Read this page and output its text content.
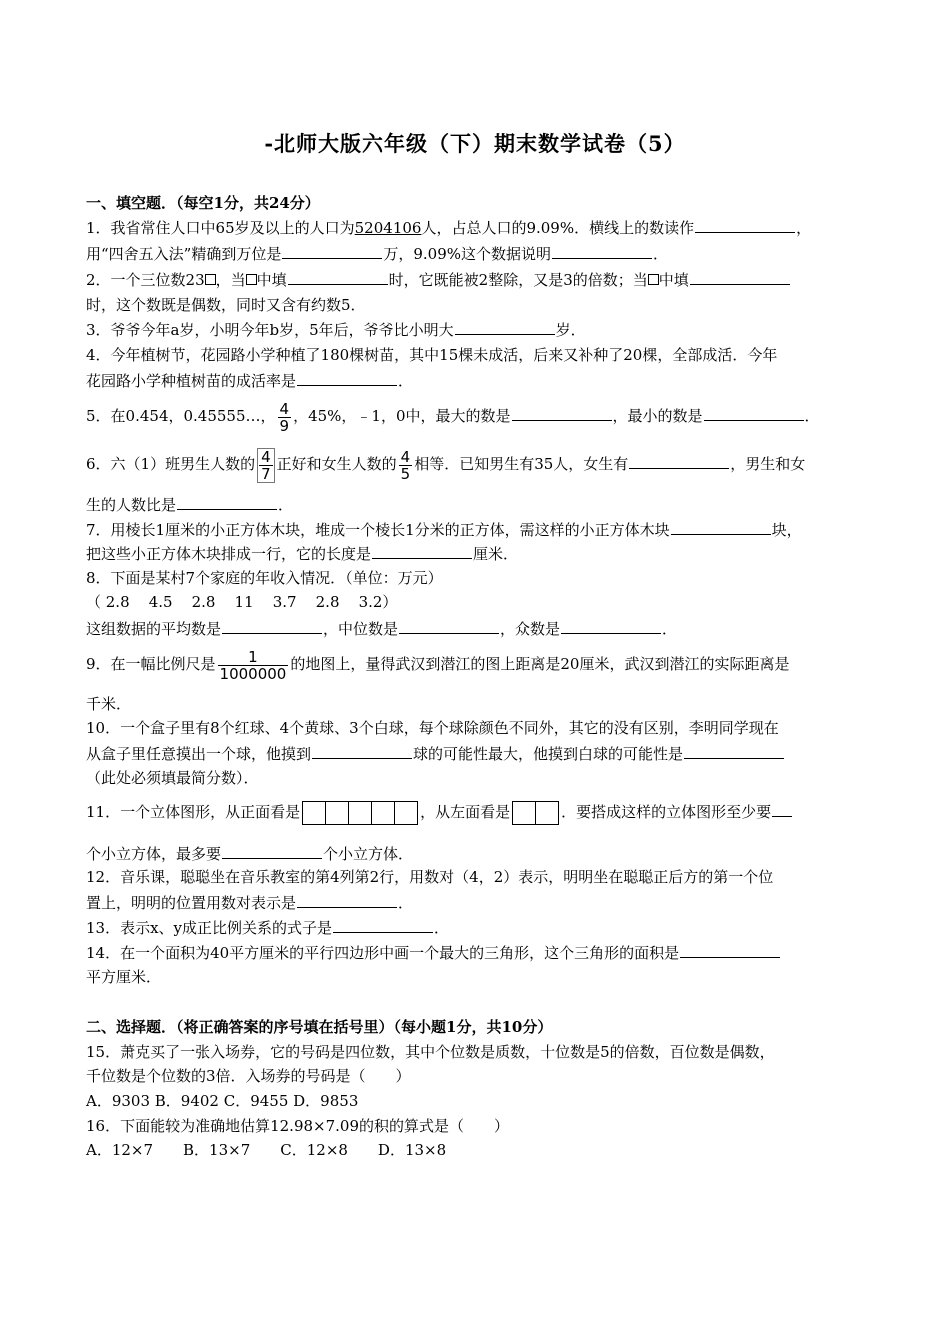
-北师大版六年级（下）期末数学试卷（5）
一、填空题．（每空1分，共24分）
1．我省常住人口中65岁及以上的人口为5204106人，占总人口的9.09%．横线上的数读作	，
用“四舍五入法”精确到万位是	万，9.09%这个数据说明	．
2．一个三位数23 ，当 中填	时，它既能被2整除，又是3的倍数；当 中填
时，这个数既是偶数，同时又含有约数5．
3．爷爷今年a岁，小明今年b岁，5年后，爷爷比小明大	岁．
4．今年植树节，花园路小学种植了180棵树苗，其中15棵未成活，后来又补种了20棵，全部成活．今年
花园路小学种植树苗的成活率是	．
5．在0.454，0.45555…， $\frac{4}{9}$ ，45%，﹣1，0中，最大的数是	，最小的数是	．
6．六（1）班男生人数的 $\frac{4}{7}$ 正好和女生人数的 $\frac{4}{5}$ 相等．已知男生有35人，女生有	，男生和女
生的人数比是	．
7．用棱长1厘米的小正方体木块，堆成一个棱长1分米的正方体，需这样的小正方体木块	块，
把这些小正方体木块排成一行，它的长度是	厘米．
8．下面是某村7个家庭的年收入情况．（单位：万元）
（ 2.8    4.5    2.8    11    3.7    2.8    3.2）
这组数据的平均数是	，中位数是	，众数是	．
9．在一幅比例尺是 $\frac{1}{1000000}$ 的地图上，量得武汉到潜江的图上距离是20厘米，武汉到潜江的实际距离是
千米．
10．一个盒子里有8个红球、4个黄球、3个白球，每个球除颜色不同外，其它的没有区别，李明同学现在
从盒子里任意摸出一个球，他摸到	球的可能性最大，他摸到白球的可能性是
（此处必须填最简分数）．
11．一个立体图形，从正面看是	，从左面看是	．要搭成这样的立体图形至少要
个小立方体，最多要	个小立方体．
12．音乐课，聪聪坐在音乐教室的第4列第2行，用数对（4，2）表示，明明坐在聪聪正后方的第一个位
置上，明明的位置用数对表示是	．
13．表示x、y成正比例关系的式子是	．
14．在一个面积为40平方厘米的平行四边形中画一个最大的三角形，这个三角形的面积是
平方厘米．
二、选择题．（将正确答案的序号填在括号里）（每小题1分，共10分）
15．萧克买了一张入场券，它的号码是四位数，其中个位数是质数，十位数是5的倍数，百位数是偶数，
千位数是个位数的3倍．入场券的号码是（　　）
A．9303 B．9402 C．9455 D．9853
16．下面能较为准确地估算12.98×7.09的积的算式是（　　）
A．12×7　　B．13×7　　C．12×8　　D．13×8
